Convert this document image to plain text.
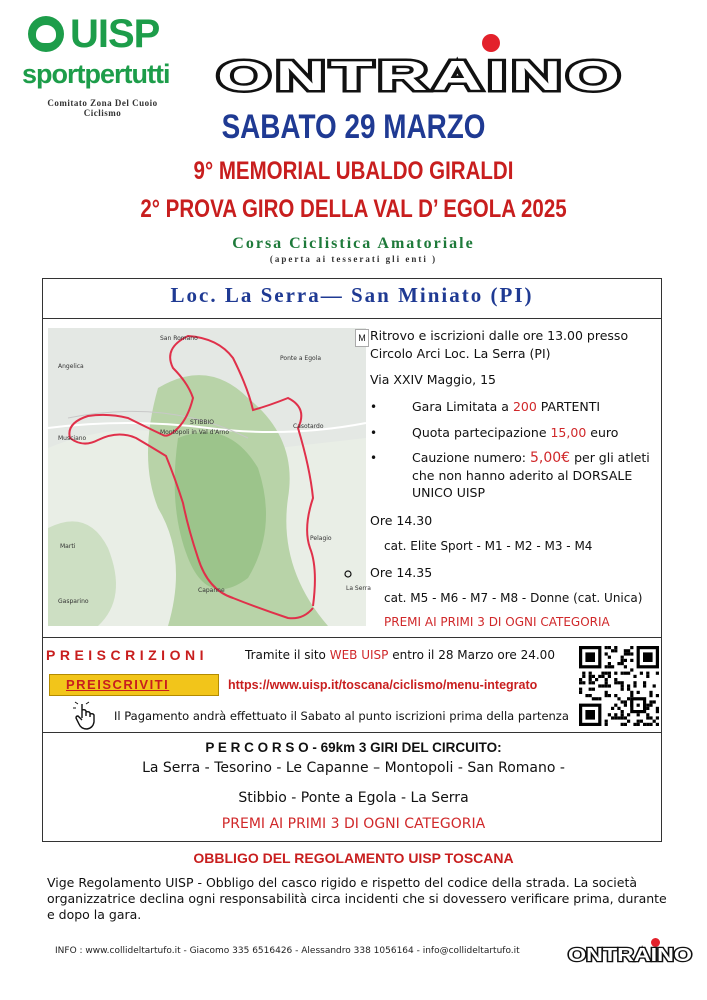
UISP
sportpertutti
Comitato Zona Del Cuoio
Ciclismo
ONTRAINO
SABATO 29 MARZO
9° MEMORIAL UBALDO GIRALDI
2° PROVA GIRO DELLA VAL D’ EGOLA 2025
Corsa Ciclistica Amatoriale
(aperta ai tesserati gli enti )
Loc. La Serra— San Miniato (PI)
San Romano
Ponte a Egola
Angelica
Montopoli in Val d'Arno
STIBBIO
Casotardo
Musciano
Marti
Pelagio
La Serra
Capanne
Gasparino
M Ritrovo e iscrizioni dalle ore 13.00 presso
Circolo Arci Loc. La Serra (PI)
Via XXIV Maggio, 15
•	Gara Limitata a 200 PARTENTI
•	Quota partecipazione 15,00 euro
•	Cauzione numero: 5,00€ per gli atleti
che non hanno aderito al DORSALE
UNICO UISP
Ore 14.30
cat. Elite Sport - M1 - M2 - M3 - M4
Ore 14.35
cat. M5 - M6 - M7 - M8 - Donne (cat. Unica)
PREMI AI PRIMI 3 DI OGNI CATEGORIA
PREISCRIZIONI	Tramite il sito WEB UISP entro il 28 Marzo ore 24.00
PREISCRIVITI	https://www.uisp.it/toscana/ciclismo/menu-integrato
Il Pagamento andrà effettuato il Sabato al punto iscrizioni prima della partenza
P E R C O R S O - 69km 3 GIRI DEL CIRCUITO:
La Serra - Tesorino - Le Capanne – Montopoli - San Romano -
Stibbio - Ponte a Egola - La Serra
PREMI AI PRIMI 3 DI OGNI CATEGORIA
OBBLIGO DEL REGOLAMENTO UISP TOSCANA
Vige Regolamento UISP - Obbligo del casco rigido e rispetto del codice della strada. La società organizzatrice declina ogni responsabilità circa incidenti che si dovessero verificare prima, durante e dopo la gara.
INFO : www.collideltartufo.it - Giacomo 335 6516426 - Alessandro 338 1056164 - info@collideltartufo.it	ONTRAINO
